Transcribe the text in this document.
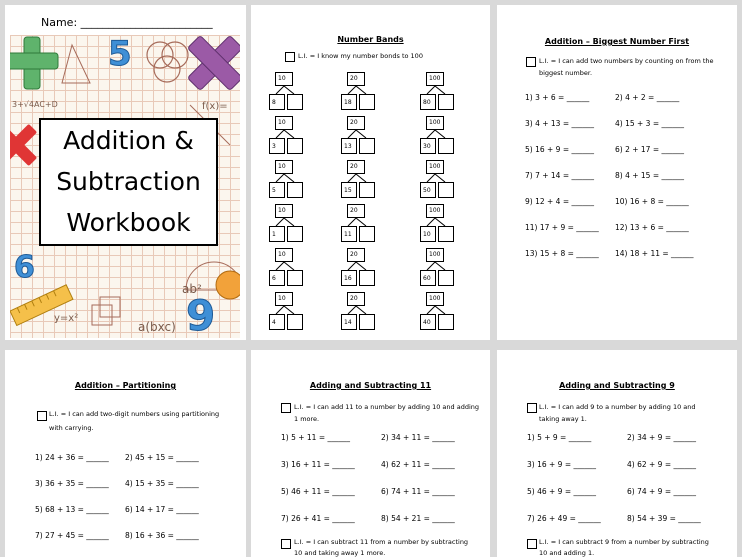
Name: ________________________
5
6
9
ab²
a(bxc)
f(x)=
y=x²
3+√4AC+D
Addition &
Subtraction
Workbook
Number Bands
L.I. = I know my number bonds to 100
10
8
20
18
100
80
10
3
20
13
100
30
10
5
20
15
100
50
10
1
20
11
100
10
10
6
20
16
100
60
10
4
20
14
100
40
Addition – Biggest Number First
L.I. = I can add two numbers by counting on from the
biggest number.
1) 3 + 6 = ______	2) 4 + 2 = ______
3) 4 + 13 = ______	4) 15 + 3 = ______
5) 16 + 9 = ______	6) 2 + 17 = ______
7) 7 + 14 = ______	8) 4 + 15 = ______
9) 12 + 4 = ______	10) 16 + 8 = ______
11) 17 + 9 = ______ 12) 13 + 6 = ______
13) 15 + 8 = ______ 14) 18 + 11 = ______
Addition – Partitioning
L.I. = I can add two-digit numbers using partitioning
with carrying.
1) 24 + 36 = ______ 2) 45 + 15 = ______
3) 36 + 35 = ______ 4) 15 + 35 = ______
5) 68 + 13 = ______ 6) 14 + 17 = ______
7) 27 + 45 = ______ 8) 16 + 36 = ______
Adding and Subtracting 11
L.I. = I can add 11 to a number by adding 10 and adding
1 more.
L.I. = I can subtract 11 from a number by subtracting
10 and taking away 1 more.
1) 5 + 11 = ______	2) 34 + 11 = ______
3) 16 + 11 = ______	4) 62 + 11 = ______
5) 46 + 11 = ______	6) 74 + 11 = ______
7) 26 + 41 = ______	8) 54 + 21 = ______
Adding and Subtracting 9
L.I. = I can add 9 to a number by adding 10 and
taking away 1.
L.I. = I can subtract 9 from a number by subtracting
10 and adding 1.
1) 5 + 9 = ______	2) 34 + 9 = ______
3) 16 + 9 = ______	4) 62 + 9 = ______
5) 46 + 9 = ______	6) 74 + 9 = ______
7) 26 + 49 = ______	8) 54 + 39 = ______
